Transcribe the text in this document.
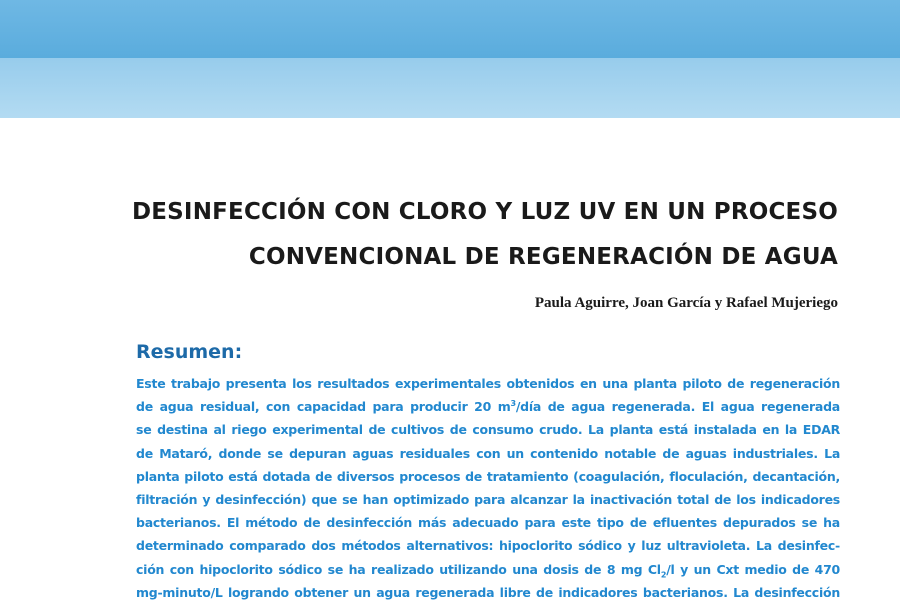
DESINFECCIÓN CON CLORO Y LUZ UV EN UN PROCESO
CONVENCIONAL DE REGENERACIÓN DE AGUA
Paula Aguirre, Joan García y Rafael Mujeriego
Resumen:
Este trabajo presenta los resultados experimentales obtenidos en una planta piloto de regeneración
de agua residual, con capacidad para producir 20 $m^3$/día de agua regenerada. El agua regenerada
se destina al riego experimental de cultivos de consumo crudo. La planta está instalada en la EDAR
de Mataró, donde se depuran aguas residuales con un contenido notable de aguas industriales. La
planta piloto está dotada de diversos procesos de tratamiento (coagulación, floculación, decantación,
filtración y desinfección) que se han optimizado para alcanzar la inactivación total de los indicadores
bacterianos. El método de desinfección más adecuado para este tipo de efluentes depurados se ha
determinado comparado dos métodos alternativos: hipoclorito sódico y luz ultravioleta. La desinfec-
ción con hipoclorito sódico se ha realizado utilizando una dosis de 8 mg $Cl_2/l$ y un Cxt medio de 470
mg-minuto/L logrando obtener un agua regenerada libre de indicadores bacterianos. La desinfección
